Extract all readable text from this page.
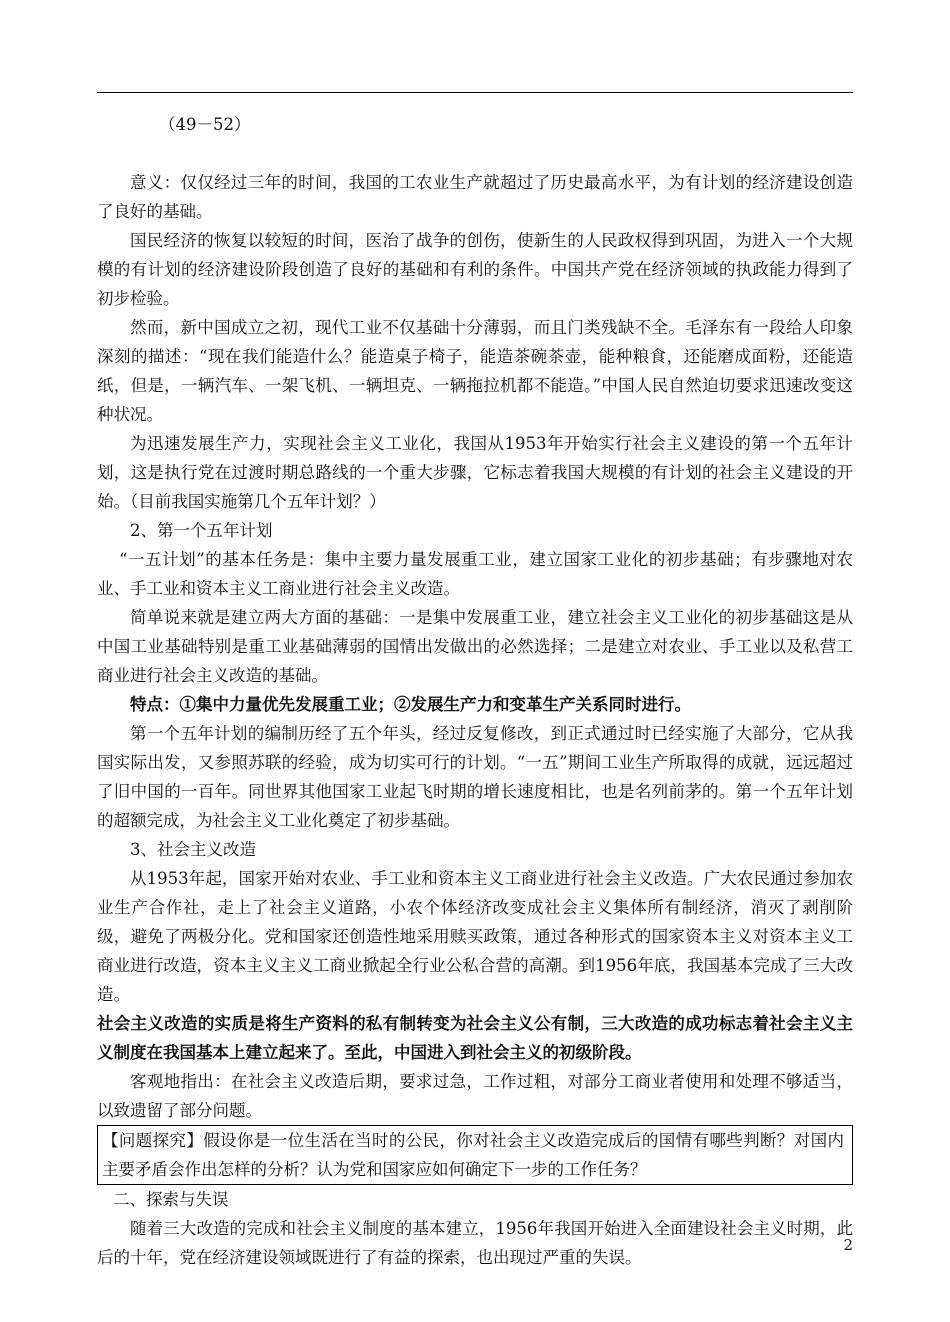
（49－52）

意义：仅仅经过三年的时间，我国的工农业生产就超过了历史最高水平，为有计划的经济建设创造了良好的基础。

国民经济的恢复以较短的时间，医治了战争的创伤，使新生的人民政权得到巩固，为进入一个大规模的有计划的经济建设阶段创造了良好的基础和有利的条件。中国共产党在经济领域的执政能力得到了初步检验。

然而，新中国成立之初，现代工业不仅基础十分薄弱，而且门类残缺不全。毛泽东有一段给人印象深刻的描述：“现在我们能造什么？能造桌子椅子，能造茶碗茶壶，能种粮食，还能磨成面粉，还能造纸，但是，一辆汽车、一架飞机、一辆坦克、一辆拖拉机都不能造。”中国人民自然迫切要求迅速改变这种状况。

为迅速发展生产力，实现社会主义工业化，我国从1953年开始实行社会主义建设的第一个五年计划，这是执行党在过渡时期总路线的一个重大步骤，它标志着我国大规模的有计划的社会主义建设的开始。（目前我国实施第几个五年计划？）

2、第一个五年计划

“一五计划”的基本任务是：集中主要力量发展重工业，建立国家工业化的初步基础；有步骤地对农业、手工业和资本主义工商业进行社会主义改造。

简单说来就是建立两大方面的基础：一是集中发展重工业，建立社会主义工业化的初步基础这是从中国工业基础特别是重工业基础薄弱的国情出发做出的必然选择；二是建立对农业、手工业以及私营工商业进行社会主义改造的基础。

特点：①集中力量优先发展重工业；②发展生产力和变革生产关系同时进行。

第一个五年计划的编制历经了五个年头，经过反复修改，到正式通过时已经实施了大部分，它从我国实际出发，又参照苏联的经验，成为切实可行的计划。“一五”期间工业生产所取得的成就，远远超过了旧中国的一百年。同世界其他国家工业起飞时期的增长速度相比，也是名列前茅的。第一个五年计划的超额完成，为社会主义工业化奠定了初步基础。

3、社会主义改造

从1953年起，国家开始对农业、手工业和资本主义工商业进行社会主义改造。广大农民通过参加农业生产合作社，走上了社会主义道路，小农个体经济改变成社会主义集体所有制经济，消灭了剥削阶级，避免了两极分化。党和国家还创造性地采用赎买政策，通过各种形式的国家资本主义对资本主义工商业进行改造，资本主义主义工商业掀起全行业公私合营的高潮。到1956年底，我国基本完成了三大改造。

社会主义改造的实质是将生产资料的私有制转变为社会主义公有制，三大改造的成功标志着社会主义主义制度在我国基本上建立起来了。至此，中国进入到社会主义的初级阶段。

客观地指出：在社会主义改造后期，要求过急，工作过粗，对部分工商业者使用和处理不够适当，以致遗留了部分问题。

【问题探究】假设你是一位生活在当时的公民，你对社会主义改造完成后的国情有哪些判断？对国内主要矛盾会作出怎样的分析？认为党和国家应如何确定下一步的工作任务？

二、探索与失误

随着三大改造的完成和社会主义制度的基本建立，1956年我国开始进入全面建设社会主义时期，此后的十年，党在经济建设领域既进行了有益的探索，也出现过严重的失误。

2
